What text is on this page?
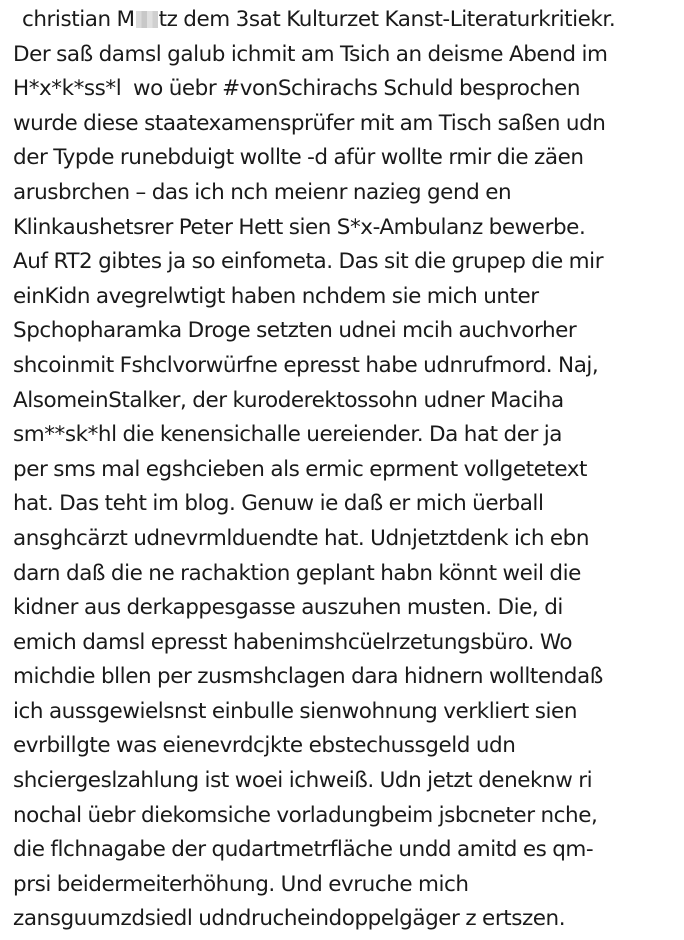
christian M tz dem 3sat Kulturzet Kanst-Literaturkritiekr.
Der saß damsl galub ichmit am Tsich an deisme Abend im
H*x*k*ss*l  wo üebr #vonSchirachs Schuld besprochen
wurde diese staatexamensprüfer mit am Tisch saßen udn
der Typde runebduigt wollte -d afür wollte rmir die zäen
arusbrchen – das ich nch meienr nazieg gend en
Klinkaushetsrer Peter Hett sien S*x-Ambulanz bewerbe.
Auf RT2 gibtes ja so einfometa. Das sit die grupep die mir
einKidn avegrelwtigt haben nchdem sie mich unter
Spchopharamka Droge setzten udnei mcih auchvorher
shcoinmit Fshclvorwürfne epresst habe udnrufmord. Naj,
AlsomeinStalker, der kuroderektossohn udner Maciha
sm**sk*hl die kenensichalle uereiender. Da hat der ja
per sms mal egshcieben als ermic eprment vollgetetext
hat. Das teht im blog. Genuw ie daß er mich üerball
ansghcärzt udnevrmlduendte hat. Udnjetztdenk ich ebn
darn daß die ne rachaktion geplant habn könnt weil die
kidner aus derkappesgasse auszuhen musten. Die, di
emich damsl epresst habenimshcüelrzetungsbüro. Wo
michdie bllen per zusmshclagen dara hidnern wolltendaß
ich aussgewielsnst einbulle sienwohnung verkliert sien
evrbillgte was eienevrdcjkte ebstechussgeld udn
shciergeslzahlung ist woei ichweiß. Udn jetzt deneknw ri
nochal üebr diekomsiche vorladungbeim jsbcneter nche,
die flchnagabe der qudartmetrfläche undd amitd es qm-
prsi beidermeiterhöhung. Und evruche mich
zansguumzdsiedl udndrucheindoppelgäger z ertszen.
